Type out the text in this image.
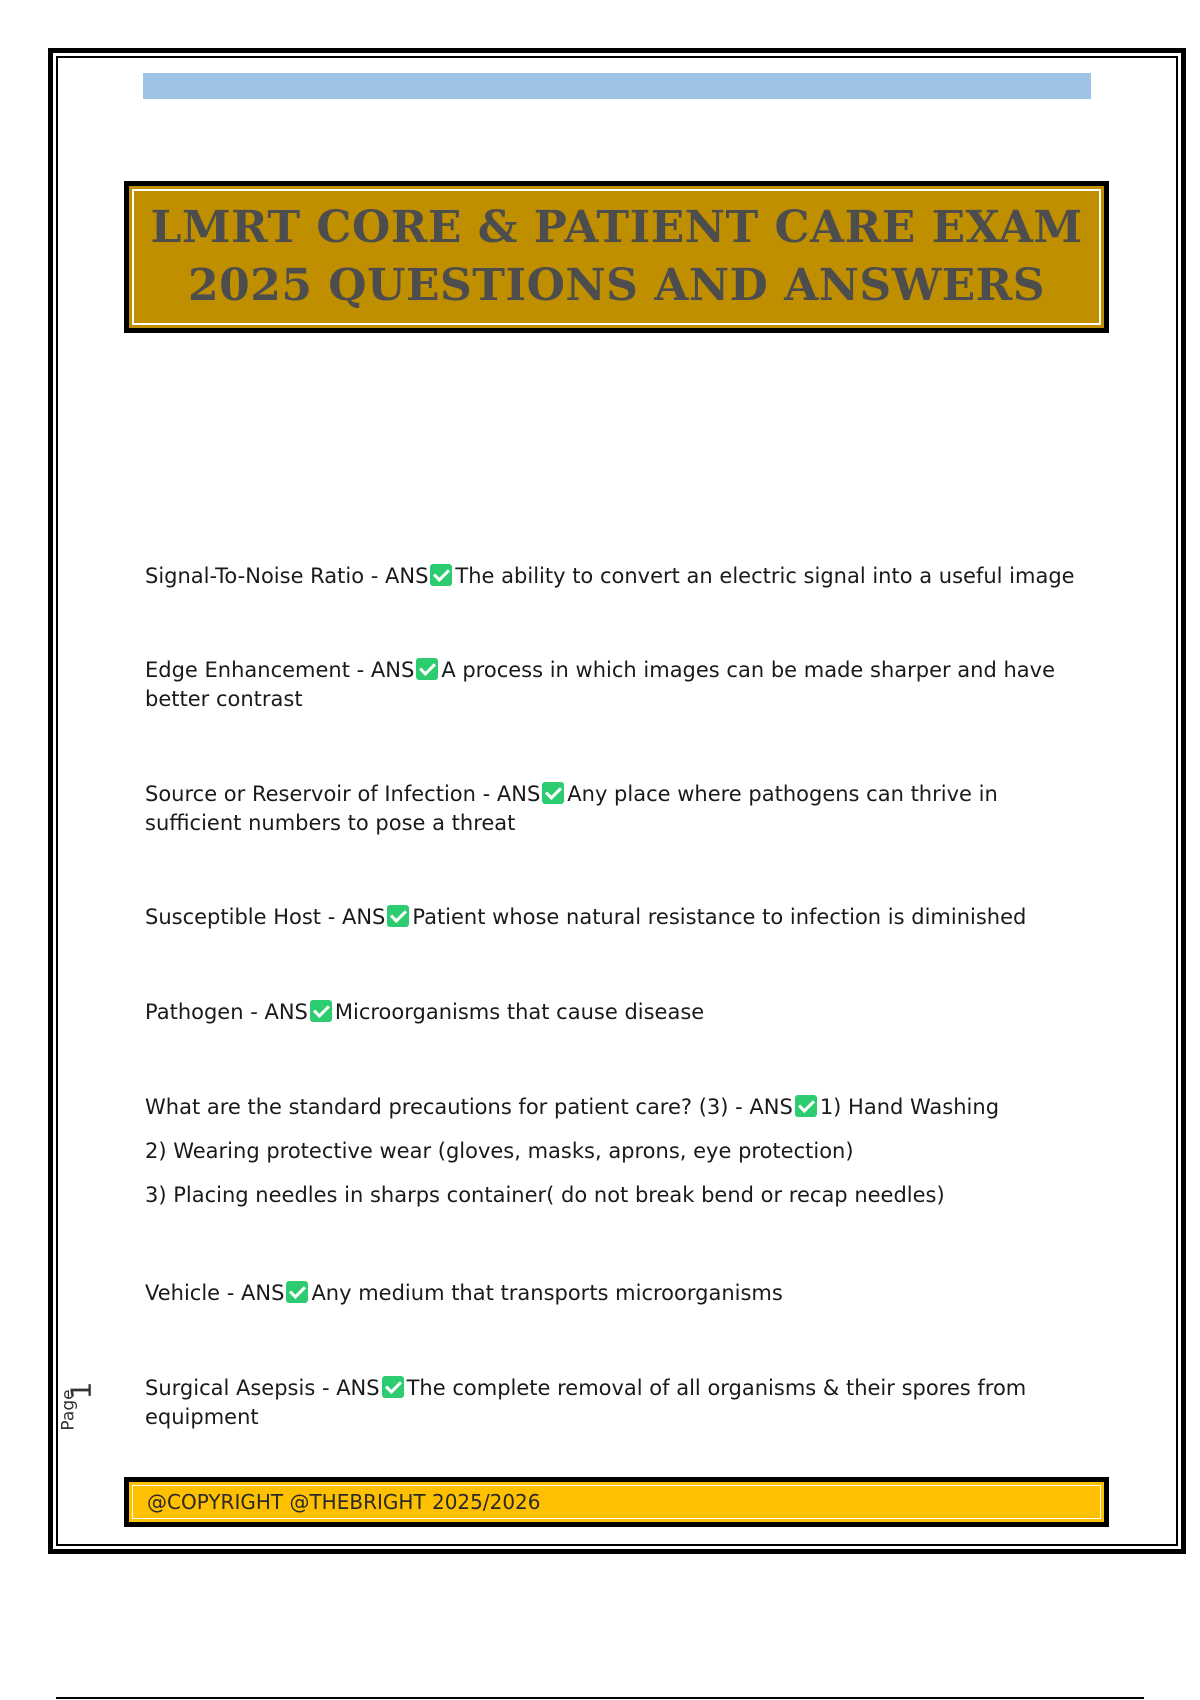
LMRT CORE & PATIENT CARE EXAM
2025 QUESTIONS AND ANSWERS
Signal-To-Noise Ratio - ANS The ability to convert an electric signal into a useful image
Edge Enhancement - ANS A process in which images can be made sharper and have better contrast
Source or Reservoir of Infection - ANS Any place where pathogens can thrive in sufficient numbers to pose a threat
Susceptible Host - ANS Patient whose natural resistance to infection is diminished
Pathogen - ANS Microorganisms that cause disease
What are the standard precautions for patient care? (3) - ANS 1) Hand Washing
2) Wearing protective wear (gloves, masks, aprons, eye protection)
3) Placing needles in sharps container( do not break bend or recap needles)
Vehicle - ANS Any medium that transports microorganisms
Surgical Asepsis - ANS The complete removal of all organisms & their spores from equipment
Page
1
@COPYRIGHT @THEBRIGHT 2025/2026
